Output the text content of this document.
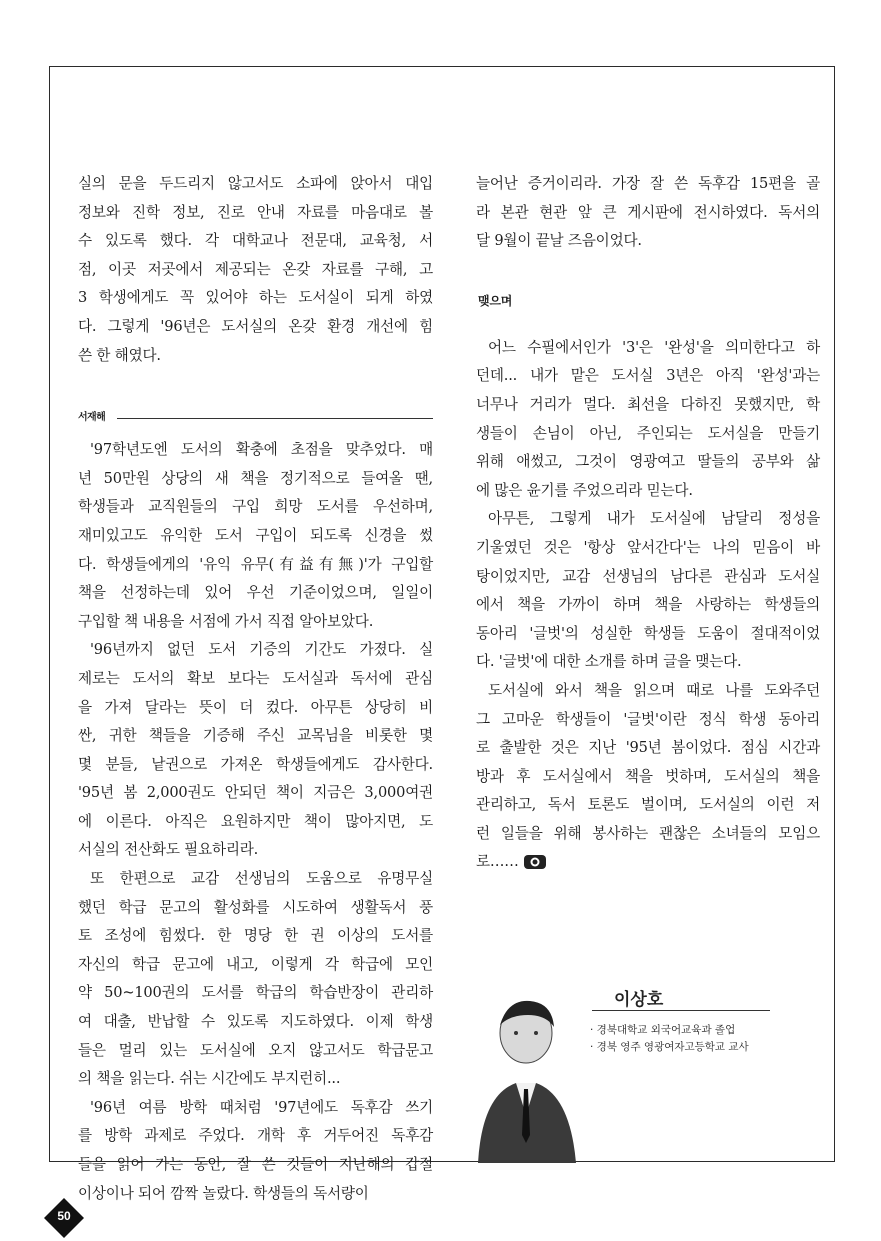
실의 문을 두드리지 않고서도 소파에 앉아서 대입

정보와 진학 정보, 진로 안내 자료를 마음대로 볼

수 있도록 했다. 각 대학교나 전문대, 교육청, 서

점, 이곳 저곳에서 제공되는 온갖 자료를 구해, 고

3 학생에게도 꼭 있어야 하는 도서실이 되게 하였

다. 그렇게 '96년은 도서실의 온갖 환경 개선에 힘

쓴 한 해였다.

서재해

'97학년도엔 도서의 확충에 초점을 맞추었다. 매

년 50만원 상당의 새 책을 정기적으로 들여올 땐,

학생들과 교직원들의 구입 희망 도서를 우선하며,

재미있고도 유익한 도서 구입이 되도록 신경을 썼

다. 학생들에게의 '유익 유무(有益有無)'가 구입할

책을 선정하는데 있어 우선 기준이었으며, 일일이

구입할 책 내용을 서점에 가서 직접 알아보았다.

'96년까지 없던 도서 기증의 기간도 가졌다. 실

제로는 도서의 확보 보다는 도서실과 독서에 관심

을 가져 달라는 뜻이 더 컸다. 아무튼 상당히 비

싼, 귀한 책들을 기증해 주신 교목님을 비롯한 몇

몇 분들, 낱권으로 가져온 학생들에게도 감사한다.

'95년 봄 2,000권도 안되던 책이 지금은 3,000여권

에 이른다. 아직은 요원하지만 책이 많아지면, 도

서실의 전산화도 필요하리라.

또 한편으로 교감 선생님의 도움으로 유명무실

했던 학급 문고의 활성화를 시도하여 생활독서 풍

토 조성에 힘썼다. 한 명당 한 권 이상의 도서를

자신의 학급 문고에 내고, 이렇게 각 학급에 모인

약 50~100권의 도서를 학급의 학습반장이 관리하

여 대출, 반납할 수 있도록 지도하였다. 이제 학생

들은 멀리 있는 도서실에 오지 않고서도 학급문고

의 책을 읽는다. 쉬는 시간에도 부지런히...

'96년 여름 방학 때처럼 '97년에도 독후감 쓰기

를 방학 과제로 주었다. 개학 후 거두어진 독후감

들을 읽어 가는 동안, 잘 쓴 것들이 지난해의 갑절

이상이나 되어 깜짝 놀랐다. 학생들의 독서량이

늘어난 증거이리라. 가장 잘 쓴 독후감 15편을 골

라 본관 현관 앞 큰 게시판에 전시하였다. 독서의

달 9월이 끝날 즈음이었다.

맺으며

어느 수필에서인가 '3'은 '완성'을 의미한다고 하

던데... 내가 맡은 도서실 3년은 아직 '완성'과는

너무나 거리가 멀다. 최선을 다하진 못했지만, 학

생들이 손님이 아닌, 주인되는 도서실을 만들기

위해 애썼고, 그것이 영광여고 딸들의 공부와 삶

에 많은 윤기를 주었으리라 믿는다.

아무튼, 그렇게 내가 도서실에 남달리 정성을

기울였던 것은 '항상 앞서간다'는 나의 믿음이 바

탕이었지만, 교감 선생님의 남다른 관심과 도서실

에서 책을 가까이 하며 책을 사랑하는 학생들의

동아리 '글벗'의 성실한 학생들 도움이 절대적이었

다. '글벗'에 대한 소개를 하며 글을 맺는다.

도서실에 와서 책을 읽으며 때로 나를 도와주던

그 고마운 학생들이 '글벗'이란 정식 학생 동아리

로 출발한 것은 지난 '95년 봄이었다. 점심 시간과

방과 후 도서실에서 책을 벗하며, 도서실의 책을

관리하고, 독서 토론도 벌이며, 도서실의 이런 저

런 일들을 위해 봉사하는 괜찮은 소녀들의 모임으

로……

이상호
· 경북대학교 외국어교육과 졸업
· 경북 영주 영광여자고등학교 교사
50
